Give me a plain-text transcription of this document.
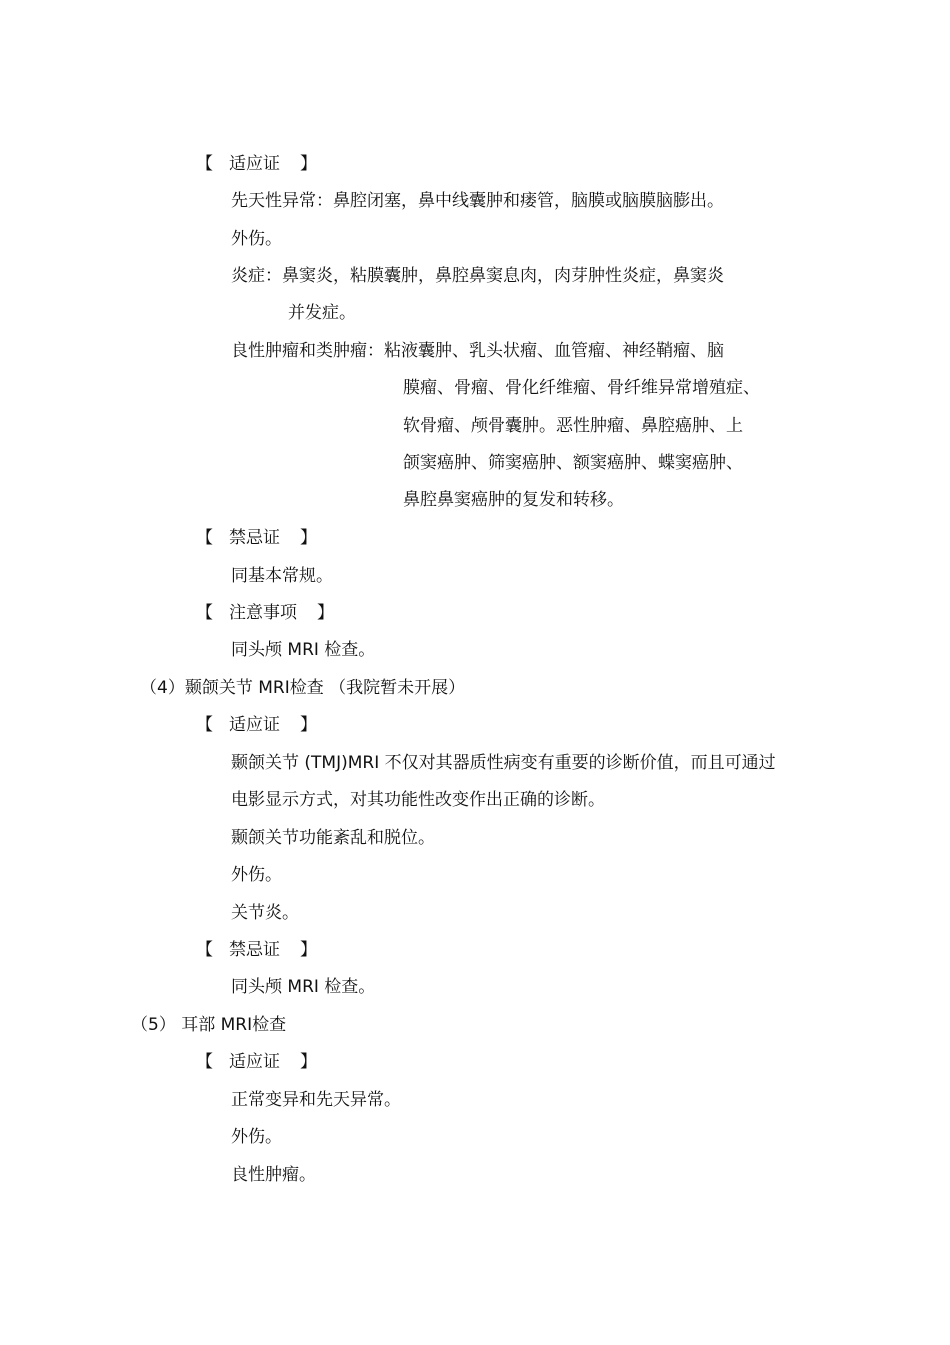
【 适应证 】
先天性异常：鼻腔闭塞，鼻中线囊肿和瘘管，脑膜或脑膜脑膨出。
外伤。
炎症：鼻窦炎，粘膜囊肿，鼻腔鼻窦息肉，肉芽肿性炎症，鼻窦炎
并发症。
良性肿瘤和类肿瘤：粘液囊肿、乳头状瘤、血管瘤、神经鞘瘤、脑
膜瘤、骨瘤、骨化纤维瘤、骨纤维异常增殖症、
软骨瘤、颅骨囊肿。恶性肿瘤、鼻腔癌肿、上
颌窦癌肿、筛窦癌肿、额窦癌肿、蝶窦癌肿、
鼻腔鼻窦癌肿的复发和转移。
【 禁忌证 】
同基本常规。
【 注意事项 】
同头颅 MRI 检查。
（4）颞颌关节 MRI检查 （我院暂未开展）
【 适应证 】
颞颌关节 (TMJ)MRI 不仅对其器质性病变有重要的诊断价值，而且可通过
电影显示方式，对其功能性改变作出正确的诊断。
颞颌关节功能紊乱和脱位。
外伤。
关节炎。
【 禁忌证 】
同头颅 MRI 检查。
（5） 耳部 MRI检查
【 适应证 】
正常变异和先天异常。
外伤。
良性肿瘤。
